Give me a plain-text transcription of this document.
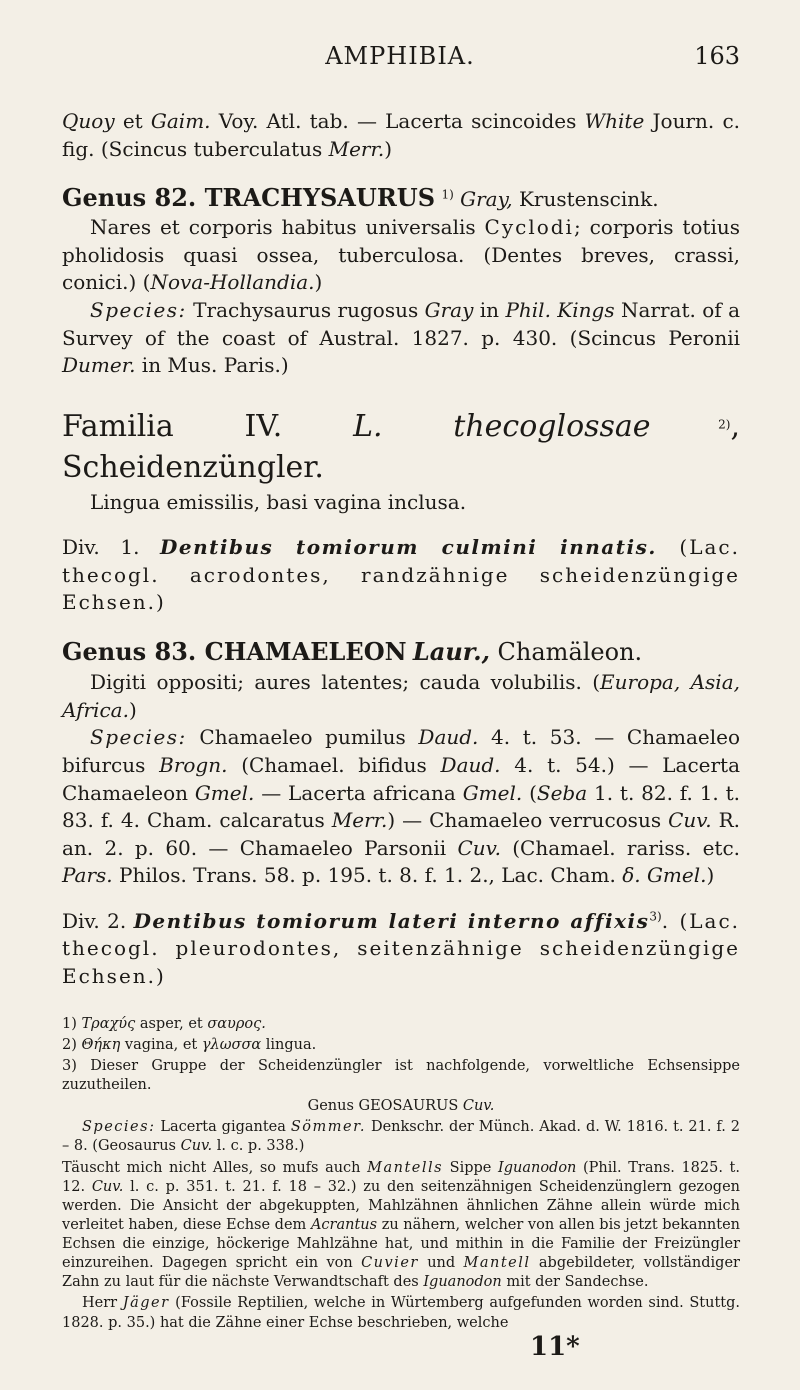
AMPHIBIA.	163

Quoy et Gaim. Voy. Atl. tab. — Lacerta scincoides White Journ. c. fig. (Scincus tuberculatus Merr.)

Genus 82. TRACHYSAURUS $^{1)}$ Gray, Krustenscink.

Nares et corporis habitus universalis Cyclodi; corporis totius pholidosis quasi ossea, tuberculosa. (Dentes breves, crassi, conici.) (Nova-Hollandia.)

Species: Trachysaurus rugosus Gray in Phil. Kings Narrat. of a Survey of the coast of Austral. 1827. p. 430. (Scincus Peronii Dumer. in Mus. Paris.)

Familia IV. L. thecoglossae	$^{2)}$, Scheidenzüngler.

Lingua emissilis, basi vagina inclusa.

Div. 1. Dentibus tomiorum culmini innatis. (Lac. thecogl. acrodontes, randzähnige scheidenzüngige Echsen.)

Genus 83. CHAMAELEON Laur., Chamäleon.

Digiti oppositi; aures latentes; cauda volubilis. (Europa, Asia, Africa.)

Species: Chamaeleo pumilus Daud. 4. t. 53. — Chamaeleo bifurcus Brogn. (Chamael. bifidus Daud. 4. t. 54.) — Lacerta Chamaeleon Gmel. — Lacerta africana Gmel. (Seba 1. t. 82. f. 1. t. 83. f. 4. Cham. calcaratus Merr.) — Chamaeleo verrucosus Cuv. R. an. 2. p. 60. — Chamaeleo Parsonii Cuv. (Chamael. rariss. etc. Pars. Philos. Trans. 58. p. 195. t. 8. f. 1. 2., Lac. Cham. δ. Gmel.)

Div. 2. Dentibus tomiorum lateri interno affixis$^{3)}$. (Lac. thecogl. pleurodontes, seitenzähnige scheidenzüngige Echsen.)

1) Τραχύς asper, et σαυρος.

2) Θήκη vagina, et γλωσσα lingua.

3) Dieser Gruppe der Scheidenzüngler ist nachfolgende, vorweltliche Echsensippe zuzutheilen.

Genus GEOSAURUS Cuv.

Species: Lacerta gigantea Sömmer. Denkschr. der Münch. Akad. d. W. 1816. t. 21. f. 2 – 8. (Geosaurus Cuv. l. c. p. 338.)

Täuscht mich nicht Alles, so mufs auch Mantells Sippe Iguanodon (Phil. Trans. 1825. t. 12. Cuv. l. c. p. 351. t. 21. f. 18 – 32.) zu den seitenzähnigen Scheidenzünglern gezogen werden. Die Ansicht der abgekuppten, Mahlzähnen ähnlichen Zähne allein würde mich verleitet haben, diese Echse dem Acrantus zu nähern, welcher von allen bis jetzt bekannten Echsen die einzige, höckerige Mahlzähne hat, und mithin in die Familie der Freizüngler einzureihen. Dagegen spricht ein von Cuvier und Mantell abgebildeter, vollständiger Zahn zu laut für die nächste Verwandtschaft des Iguanodon mit der Sandechse.

Herr Jäger (Fossile Reptilien, welche in Würtemberg aufgefunden worden sind. Stuttg. 1828. p. 35.) hat die Zähne einer Echse beschrieben, welche

11*
